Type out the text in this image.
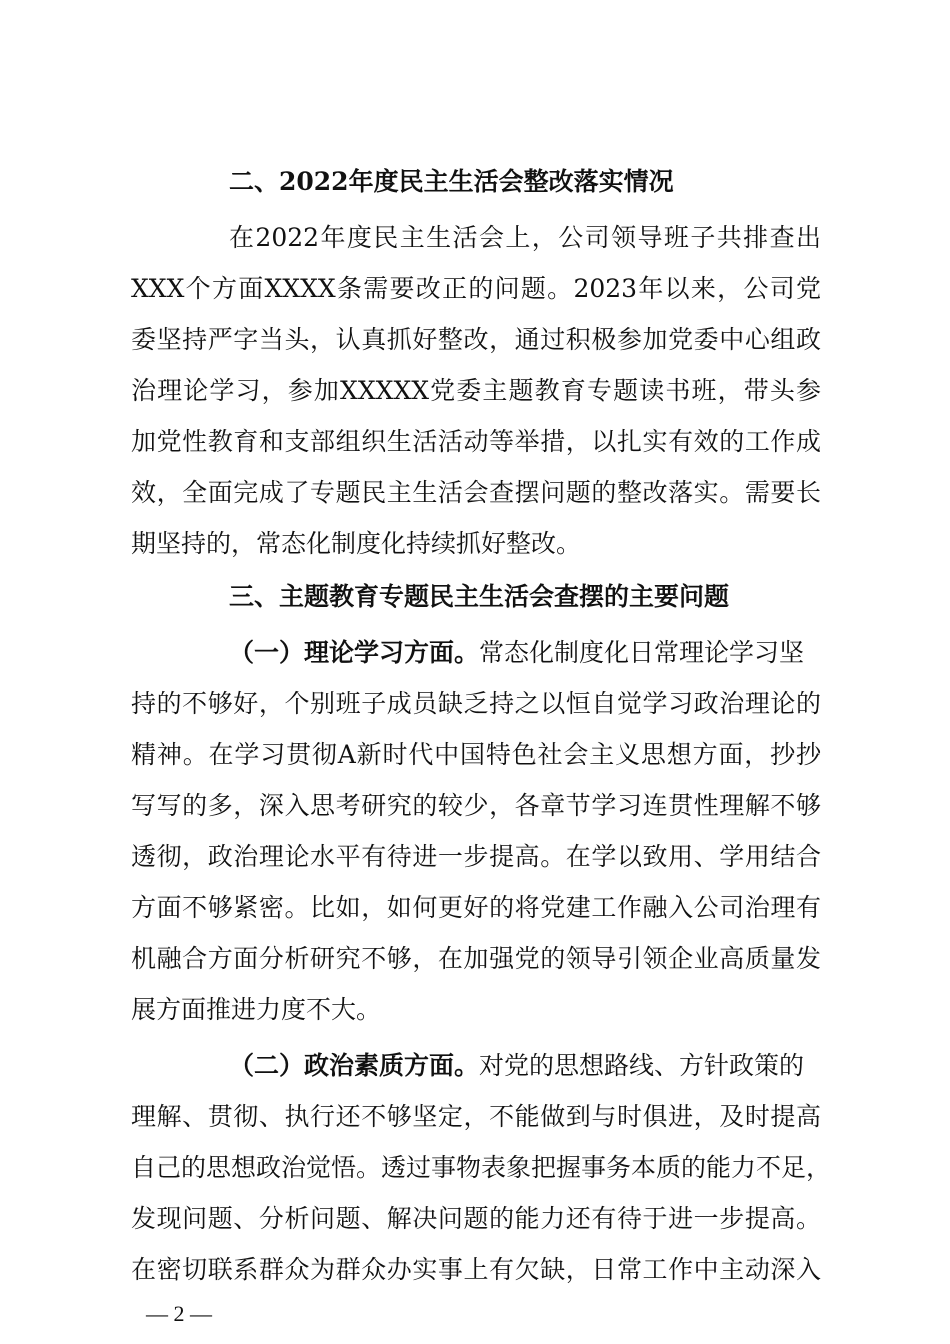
二、2022年度民主生活会整改落实情况
在2022年度民主生活会上，公司领导班子共排查出
XXX个方面XXXX条需要改正的问题。2023年以来，公司党
委坚持严字当头，认真抓好整改，通过积极参加党委中心组政
治理论学习，参加XXXXX党委主题教育专题读书班，带头参
加党性教育和支部组织生活活动等举措，以扎实有效的工作成
效，全面完成了专题民主生活会查摆问题的整改落实。需要长
期坚持的，常态化制度化持续抓好整改。
三、主题教育专题民主生活会查摆的主要问题
（一）理论学习方面。常态化制度化日常理论学习坚
持的不够好，个别班子成员缺乏持之以恒自觉学习政治理论的
精神。在学习贯彻A新时代中国特色社会主义思想方面，抄抄
写写的多，深入思考研究的较少，各章节学习连贯性理解不够
透彻，政治理论水平有待进一步提高。在学以致用、学用结合
方面不够紧密。比如，如何更好的将党建工作融入公司治理有
机融合方面分析研究不够，在加强党的领导引领企业高质量发
展方面推进力度不大。
（二）政治素质方面。对党的思想路线、方针政策的
理解、贯彻、执行还不够坚定，不能做到与时俱进，及时提高
自己的思想政治觉悟。透过事物表象把握事务本质的能力不足，
发现问题、分析问题、解决问题的能力还有待于进一步提高。
在密切联系群众为群众办实事上有欠缺，日常工作中主动深入
— 2 —
